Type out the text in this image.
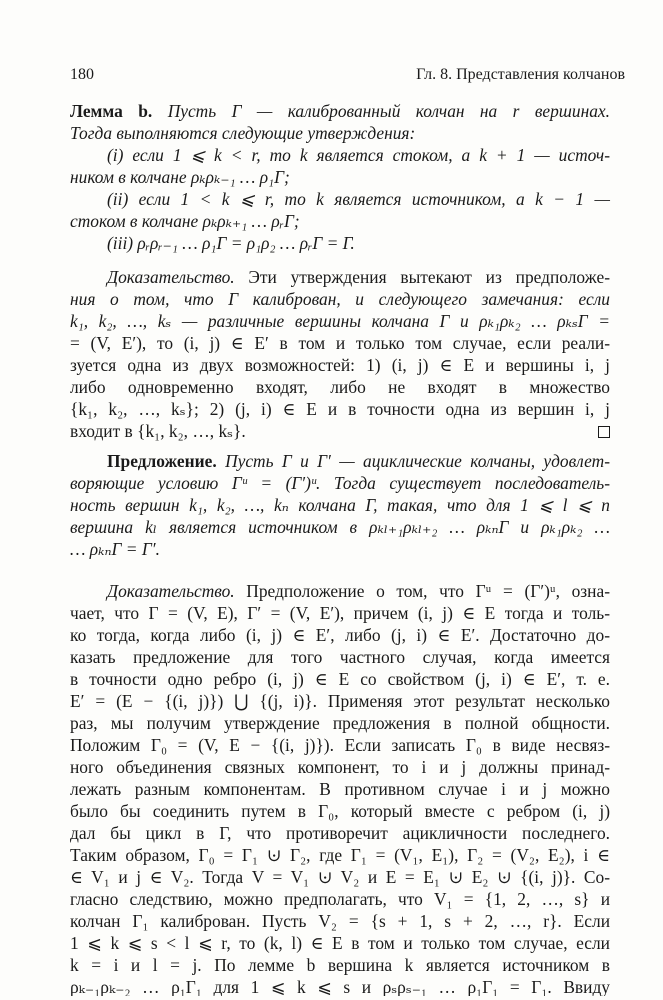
180	Гл. 8. Представления колчанов
Лемма b. Пусть Γ — калиброванный колчан на r вершинах.
Тогда выполняются следующие утверждения:
(i) если 1 ⩽ k < r, то k является стоком, а k + 1 — источ-
ником в колчане ρₖρₖ₋₁ … ρ₁Γ;
(ii) если 1 < k ⩽ r, то k является источником, а k − 1 —
стоком в колчане ρₖρₖ₊₁ … ρᵣΓ;
(iii) ρᵣρᵣ₋₁ … ρ₁Γ = ρ₁ρ₂ … ρᵣΓ = Γ.
Доказательство. Эти утверждения вытекают из предположе-
ния о том, что Γ калиброван, и следующего замечания: если
k₁, k₂, …, kₛ — различные вершины колчана Γ и ρₖ₁ρₖ₂ … ρₖₛΓ =
= (V, E′), то (i, j) ∈ E′ в том и только том случае, если реали-
зуется одна из двух возможностей: 1) (i, j) ∈ E и вершины i, j
либо одновременно входят, либо не входят в множество
{k₁, k₂, …, kₛ}; 2) (j, i) ∈ E и в точности одна из вершин i, j
входит в {k₁, k₂, …, kₛ}.
Предложение. Пусть Γ и Γ′ — ациклические колчаны, удовлет-
воряющие условию Γᵘ = (Γ′)ᵘ. Тогда существует последователь-
ность вершин k₁, k₂, …, kₙ колчана Γ, такая, что для 1 ⩽ l ⩽ n
вершина kₗ является источником в ρₖₗ₊₁ρₖₗ₊₂ … ρₖₙΓ и ρₖ₁ρₖ₂ …
… ρₖₙΓ = Γ′.
Доказательство. Предположение о том, что Γᵘ = (Γ′)ᵘ, озна-
чает, что Γ = (V, E), Γ′ = (V, E′), причем (i, j) ∈ E тогда и толь-
ко тогда, когда либо (i, j) ∈ E′, либо (j, i) ∈ E′. Достаточно до-
казать предложение для того частного случая, когда имеется
в точности одно ребро (i, j) ∈ E со свойством (j, i) ∈ E′, т. е.
E′ = (E − {(i, j)}) ⋃ {(j, i)}. Применяя этот результат несколько
раз, мы получим утверждение предложения в полной общности.
Положим Γ₀ = (V, E − {(i, j)}). Если записать Γ₀ в виде несвяз-
ного объединения связных компонент, то i и j должны принад-
лежать разным компонентам. В противном случае i и j можно
было бы соединить путем в Γ₀, который вместе с ребром (i, j)
дал бы цикл в Γ, что противоречит ацикличности последнего.
Таким образом, Γ₀ = Γ₁ ⊍ Γ₂, где Γ₁ = (V₁, E₁), Γ₂ = (V₂, E₂), i ∈
∈ V₁ и j ∈ V₂. Тогда V = V₁ ⊍ V₂ и E = E₁ ⊍ E₂ ⊍ {(i, j)}. Со-
гласно следствию, можно предполагать, что V₁ = {1, 2, …, s} и
колчан Γ₁ калиброван. Пусть V₂ = {s + 1, s + 2, …, r}. Если
1 ⩽ k ⩽ s < l ⩽ r, то (k, l) ∈ E в том и только том случае, если
k = i и l = j. По лемме b вершина k является источником в
ρₖ₋₁ρₖ₋₂ … ρ₁Γ₁ для 1 ⩽ k ⩽ s и ρₛρₛ₋₁ … ρ₁Γ₁ = Γ₁. Ввиду
